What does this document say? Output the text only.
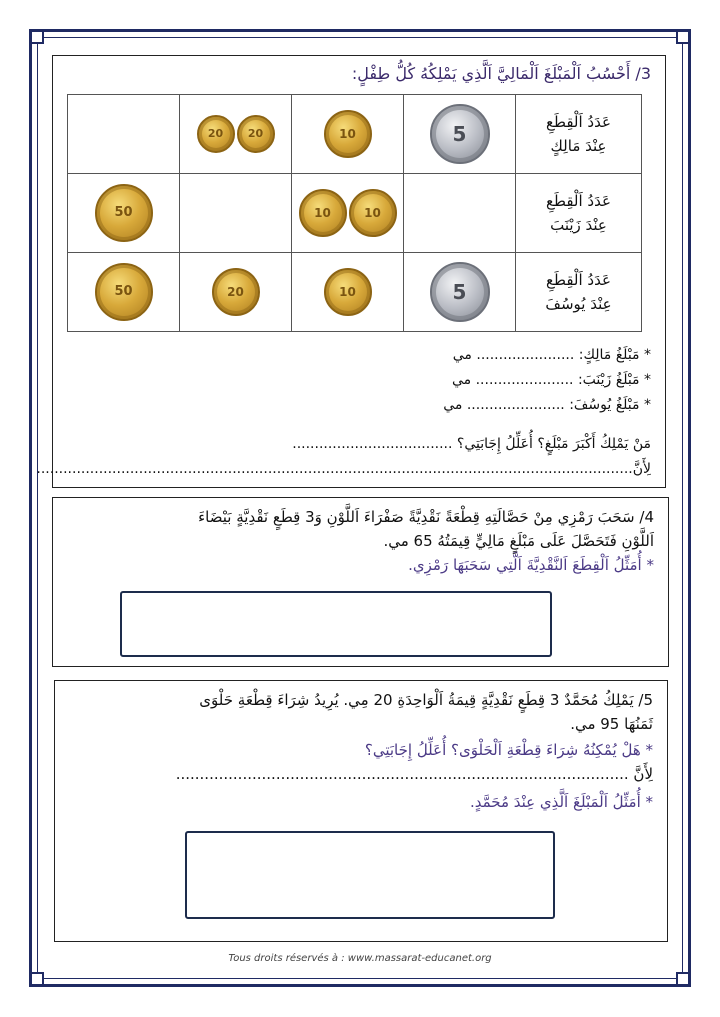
3/ أَحْسُبُ اَلْمَبْلَغَ اَلْمَالِيَّ اَلَّذِي يَمْلِكُهُ كُلُّ طِفْلٍ:
عَدَدُ اَلْقِطَعِ
عِنْدَ مَالِكٍ	5	10	2020	

عَدَدُ اَلْقِطَعِ
عِنْدَ زَيْنَبَ		1010		50

عَدَدُ اَلْقِطَعِ
عِنْدَ يُوسُفَ	5	10	20	50
* مَبْلَغُ مَالِكٍ: ...................... مي
* مَبْلَغُ زَيْنَبَ: ...................... مي
* مَبْلَغُ يُوسُفَ: ...................... مي
مَنْ يَمْلِكُ أَكْبَرَ مَبْلَغٍ؟ أُعَلِّلُ إِجَابَتِي؟ ....................................
لِأَنَّ......................................................................................................................................
4/ سَحَبَ رَمْزِي مِنْ حَصَّالَتِهِ قِطْعَةً نَقْدِيَّةً صَفْرَاءَ اَللَّوْنِ وَ3 قِطَعٍ نَقْدِيَّةٍ بَيْضَاءَ
اَللَّوْنِ فَتَحَصَّلَ عَلَى مَبْلَغٍ مَالِيٍّ قِيمَتُهُ 65 مي.
* أُمَثِّلُ اَلْقِطَعَ اَلنَّقْدِيَّةَ اَلَّتِي سَحَبَهَا رَمْزِي.
5/ يَمْلِكُ مُحَمَّدٌ 3 قِطَعٍ نَقْدِيَّةٍ قِيمَةُ اَلْوَاحِدَةِ 20 مِي. يُرِيدُ شِرَاءَ قِطْعَةِ حَلْوَى
ثَمَنُهَا 95 مي.
* هَلْ يُمْكِنُهُ شِرَاءَ قِطْعَةِ اَلْحَلْوَى؟ أُعَلِّلُ إِجَابَتِي؟
لِأَنَّ ...............................................................................................
* أُمَثِّلُ اَلْمَبْلَغَ اَلَّذِي عِنْدَ مُحَمَّدٍ.
Tous droits réservés à : www.massarat-educanet.org
